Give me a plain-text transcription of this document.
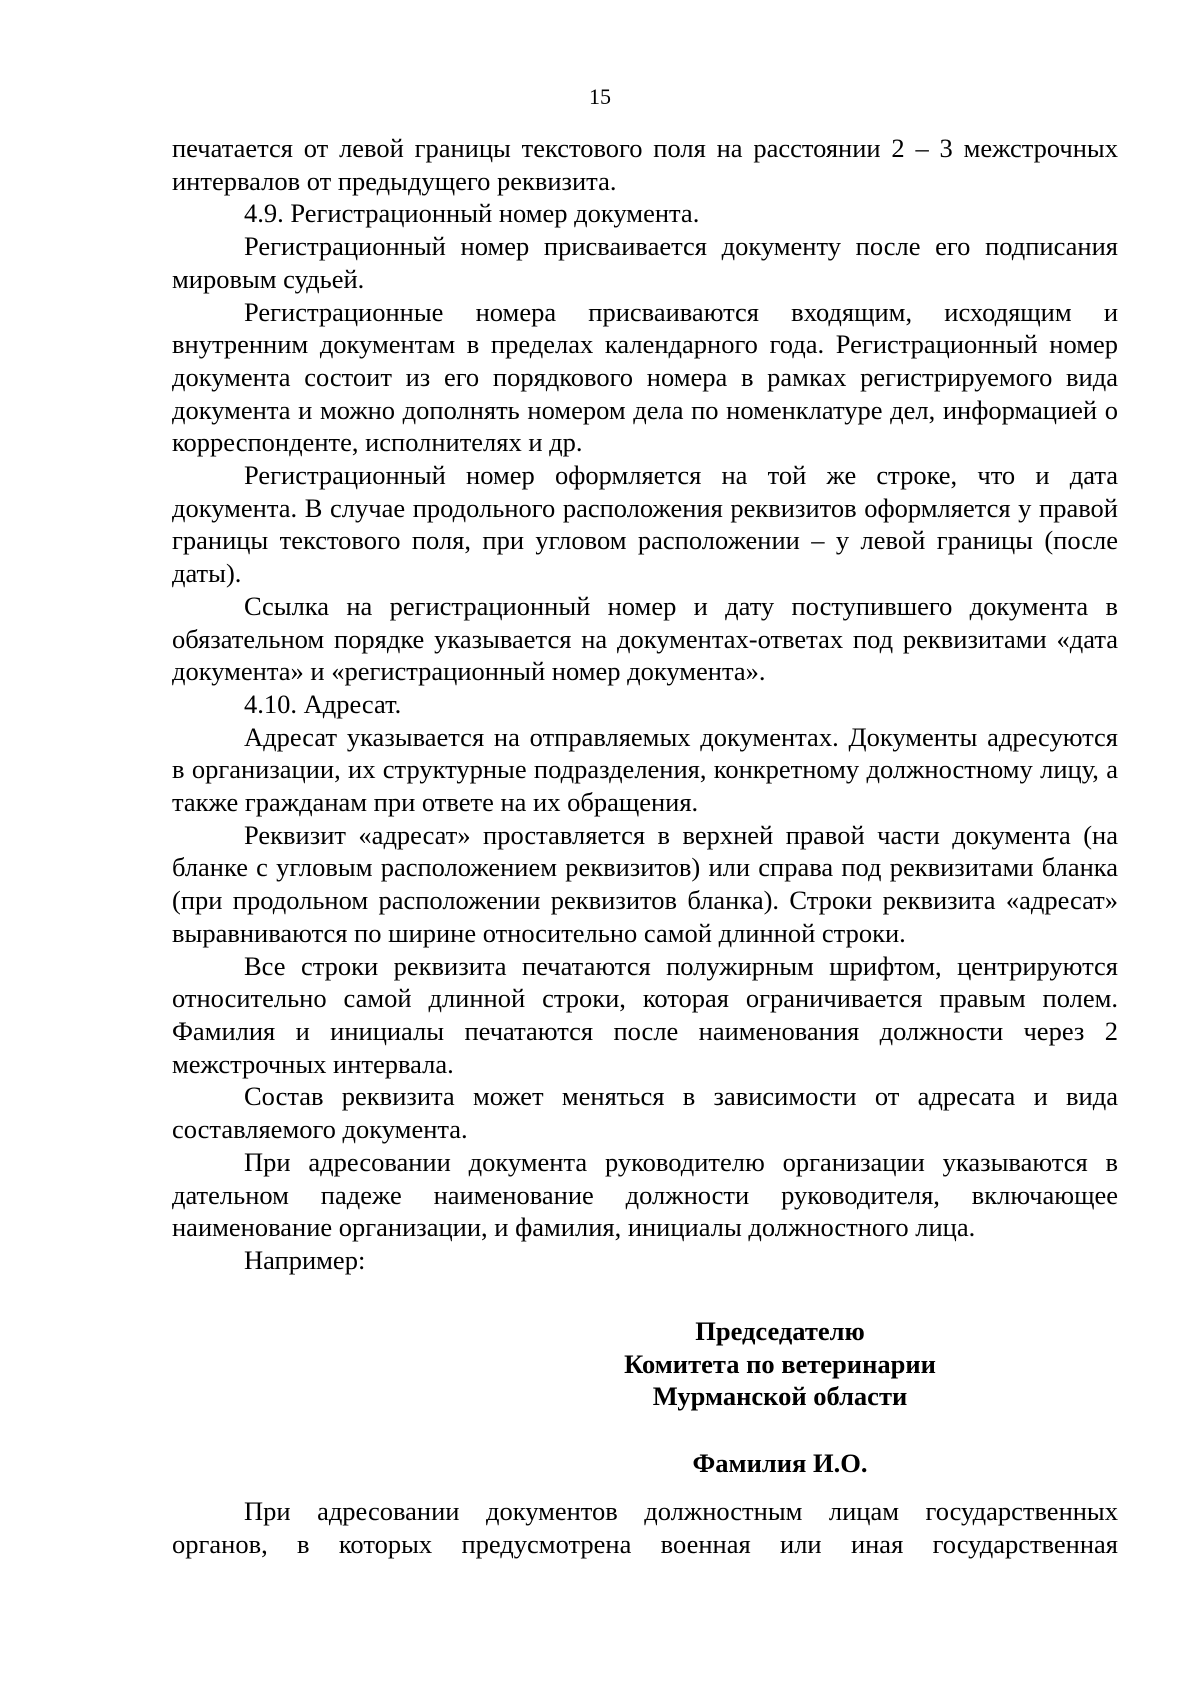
15

печатается от левой границы текстового поля на расстоянии 2 – 3 межстрочных интервалов от предыдущего реквизита.

4.9. Регистрационный номер документа.

Регистрационный номер присваивается документу после его подписания мировым судьей.

Регистрационные номера присваиваются входящим, исходящим и внутренним документам в пределах календарного года. Регистрационный номер документа состоит из его порядкового номера в рамках регистрируемого вида документа и можно дополнять номером дела по номенклатуре дел, информацией о корреспонденте, исполнителях и др.

Регистрационный номер оформляется на той же строке, что и дата документа. В случае продольного расположения реквизитов оформляется у правой границы текстового поля, при угловом расположении – у левой границы (после даты).

Ссылка на регистрационный номер и дату поступившего документа в обязательном порядке указывается на документах-ответах под реквизитами «дата документа» и «регистрационный номер документа».

4.10. Адресат.

Адресат указывается на отправляемых документах. Документы адресуются в организации, их структурные подразделения, конкретному должностному лицу, а также гражданам при ответе на их обращения.

Реквизит «адресат» проставляется в верхней правой части документа (на бланке с угловым расположением реквизитов) или справа под реквизитами бланка (при продольном расположении реквизитов бланка). Строки реквизита «адресат» выравниваются по ширине относительно самой длинной строки.

Все строки реквизита печатаются полужирным шрифтом, центрируются относительно самой длинной строки, которая ограничивается правым полем. Фамилия и инициалы печатаются после наименования должности через 2 межстрочных интервала.

Состав реквизита может меняться в зависимости от адресата и вида составляемого документа.

При адресовании документа руководителю организации указываются в дательном падеже наименование должности руководителя, включающее наименование организации, и фамилия, инициалы должностного лица.

Например:

Председателю
Комитета по ветеринарии
Мурманской области
Фамилия И.О.

При адресовании документов должностным лицам государственных органов, в которых предусмотрена военная или иная государственная
